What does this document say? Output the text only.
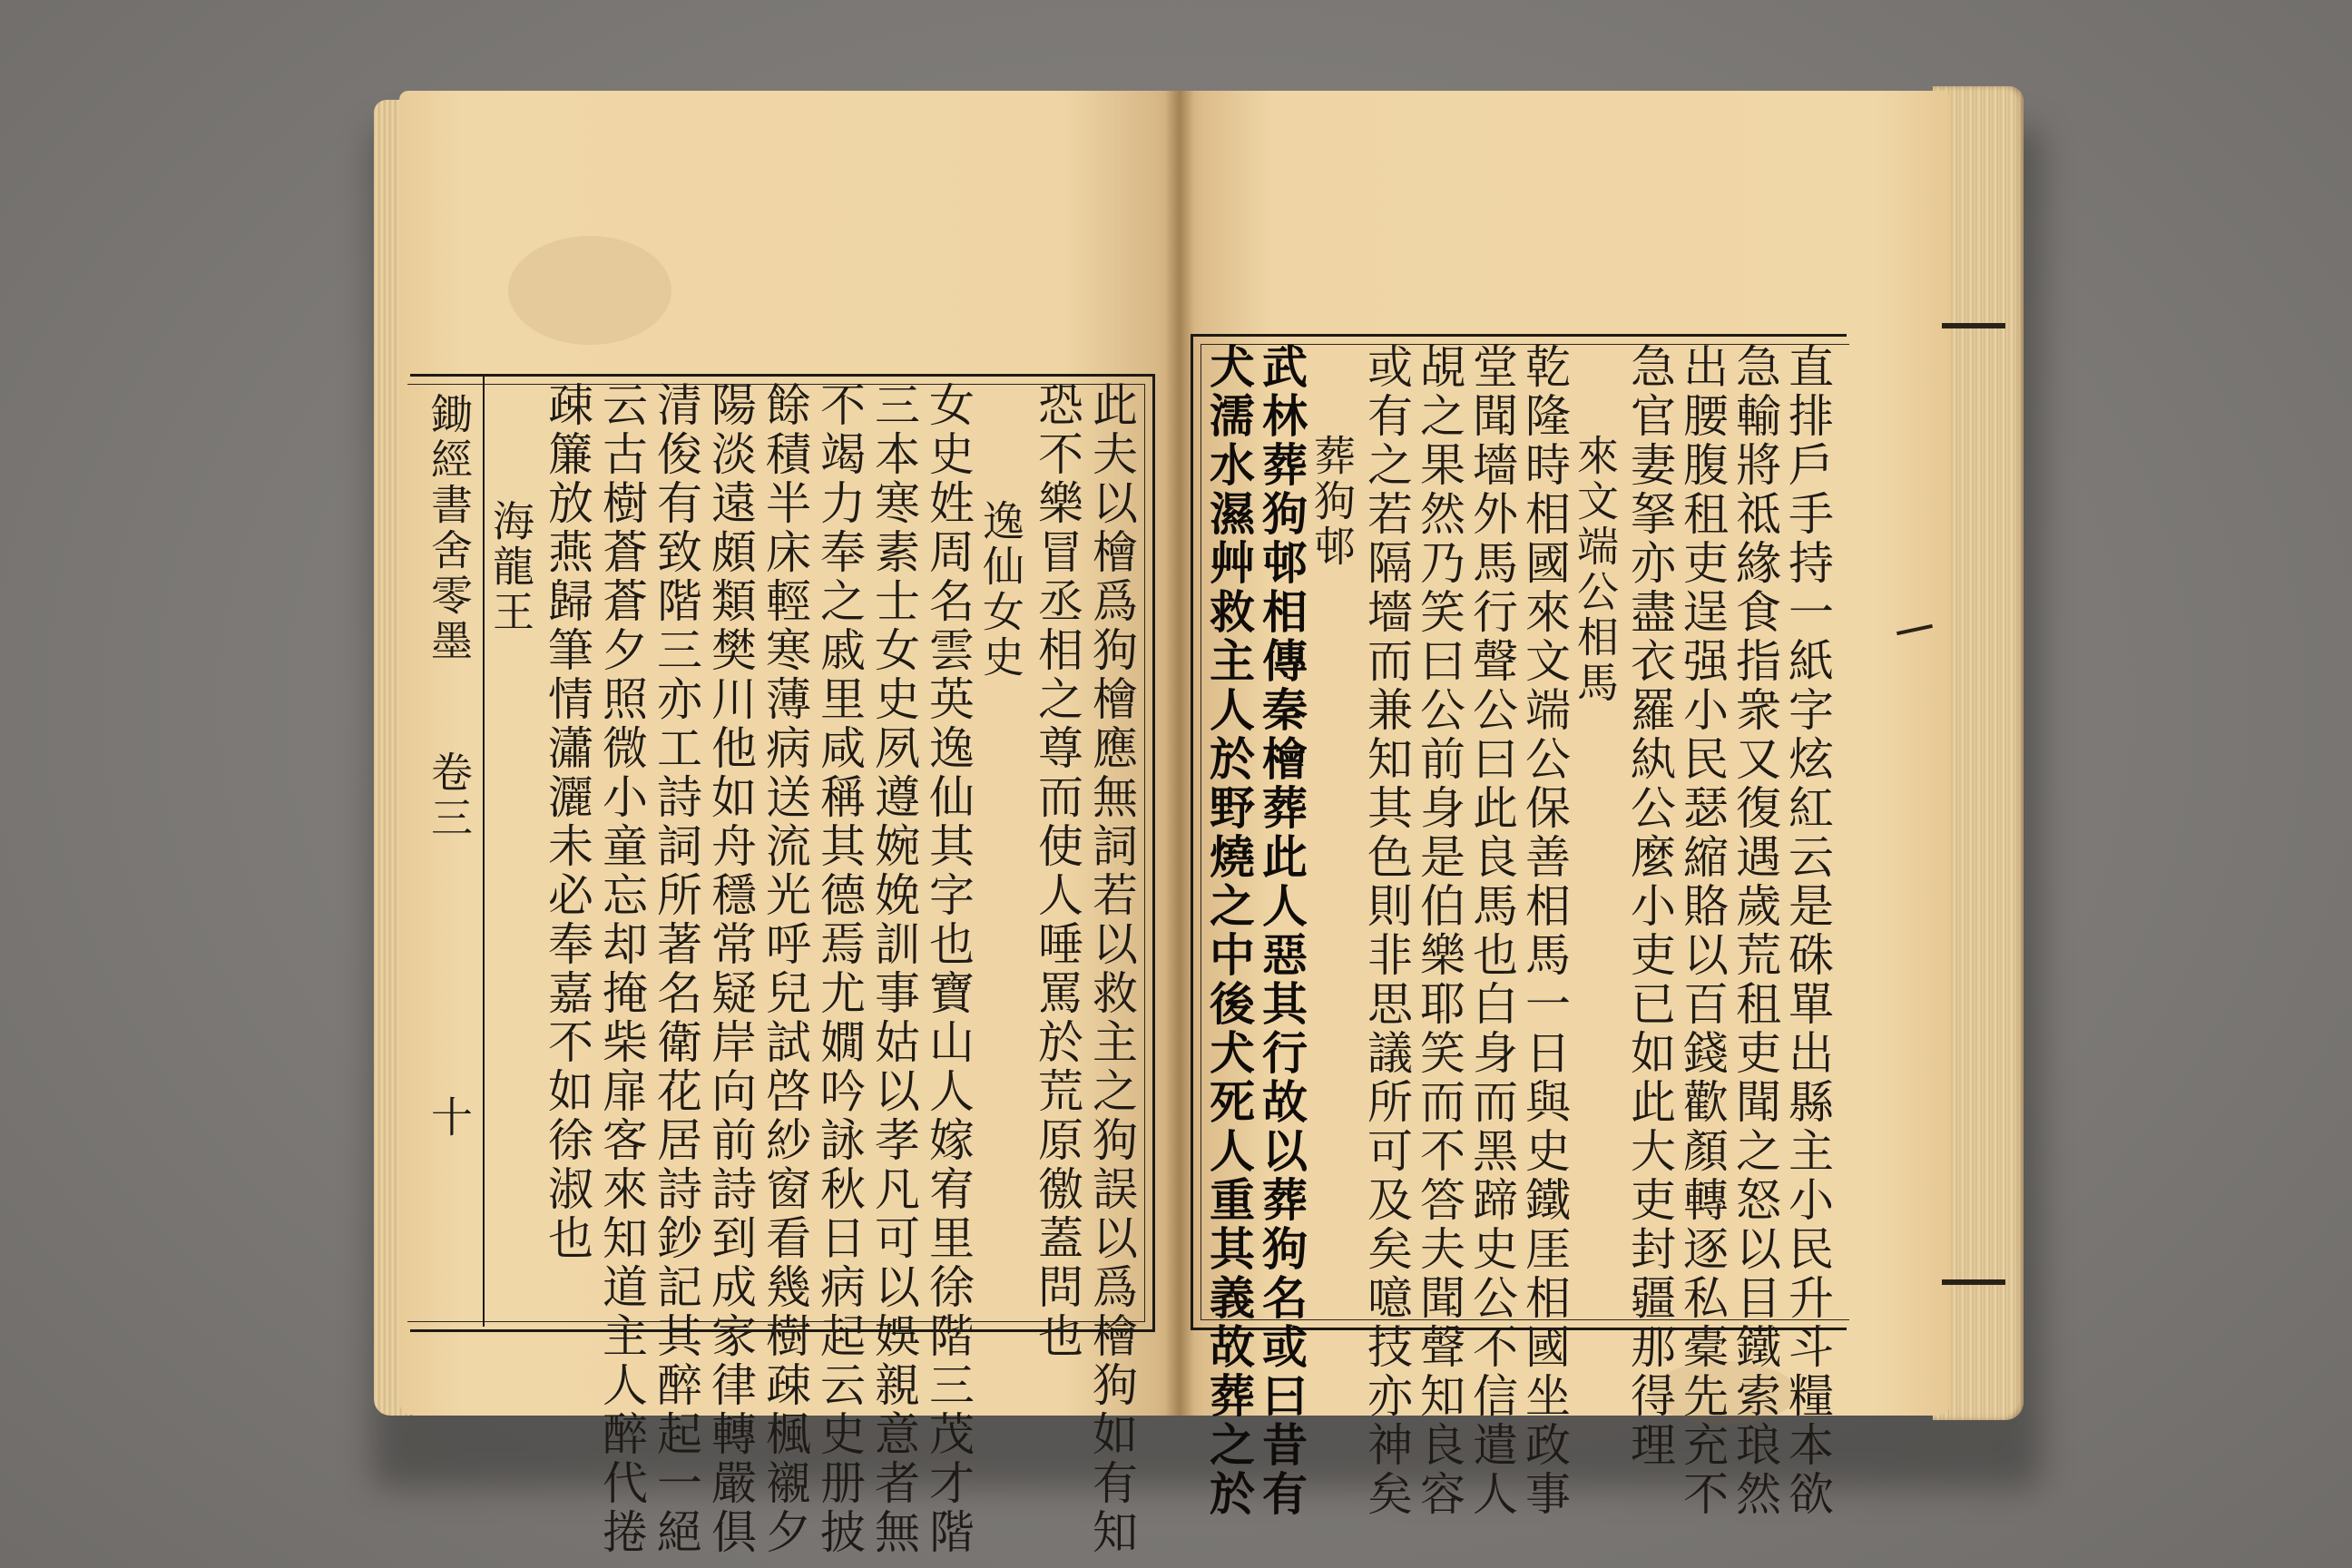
鋤經書舍零墨
卷三
十	此夫以檜爲狗檜應無詞若以救主之狗誤以爲檜狗如有知
恐不樂冒丞相之尊而使人唾罵於荒原徼蓋問也
逸仙女史
女史姓周名雲英逸仙其字也寶山人嫁宥里徐階三茂才階
三本寒素士女史夙遵婉娩訓事姑以孝凡可以娛親意者無
不竭力奉之戚里咸稱其德焉尤嫺吟詠秋日病起云史册披
餘積半床輕寒薄病送流光呼兒試啓紗窗看幾樹疎楓襯夕
陽淡遠頗類樊川他如舟穩常疑岸向前詩到成家律轉嚴俱
清俊有致階三亦工詩詞所著名衛花居詩鈔記其醉起一絕
云古樹蒼蒼夕照微小童忘却掩柴扉客來知道主人醉代捲
疎簾放燕歸筆情瀟灑未必奉嘉不如徐淑也
海龍王	直排戶手持一紙字炫紅云是硃單出縣主小民升斗糧本欲
急輸將祗緣食指衆又復遇歲荒租吏聞之怒以目鐵索琅然
出腰腹租吏逞强小民瑟縮賂以百錢歡顏轉逐私橐先充不
急官妻拏亦盡衣羅紈公麼小吏已如此大吏封疆那得理
來文端公相馬
乾隆時相國來文端公保善相馬一日與史鐵厓相國坐政事
堂聞墻外馬行聲公曰此良馬也白身而黑蹄史公不信遣人
覘之果然乃笑曰公前身是伯樂耶笑而不答夫聞聲知良容
或有之若隔墻而兼知其色則非思議所可及矣噫技亦神矣
葬狗邨
武林葬狗邨相傳秦檜葬此人惡其行故以葬狗名或曰昔有
犬濡水濕艸救主人於野燒之中後犬死人重其義故葬之於
